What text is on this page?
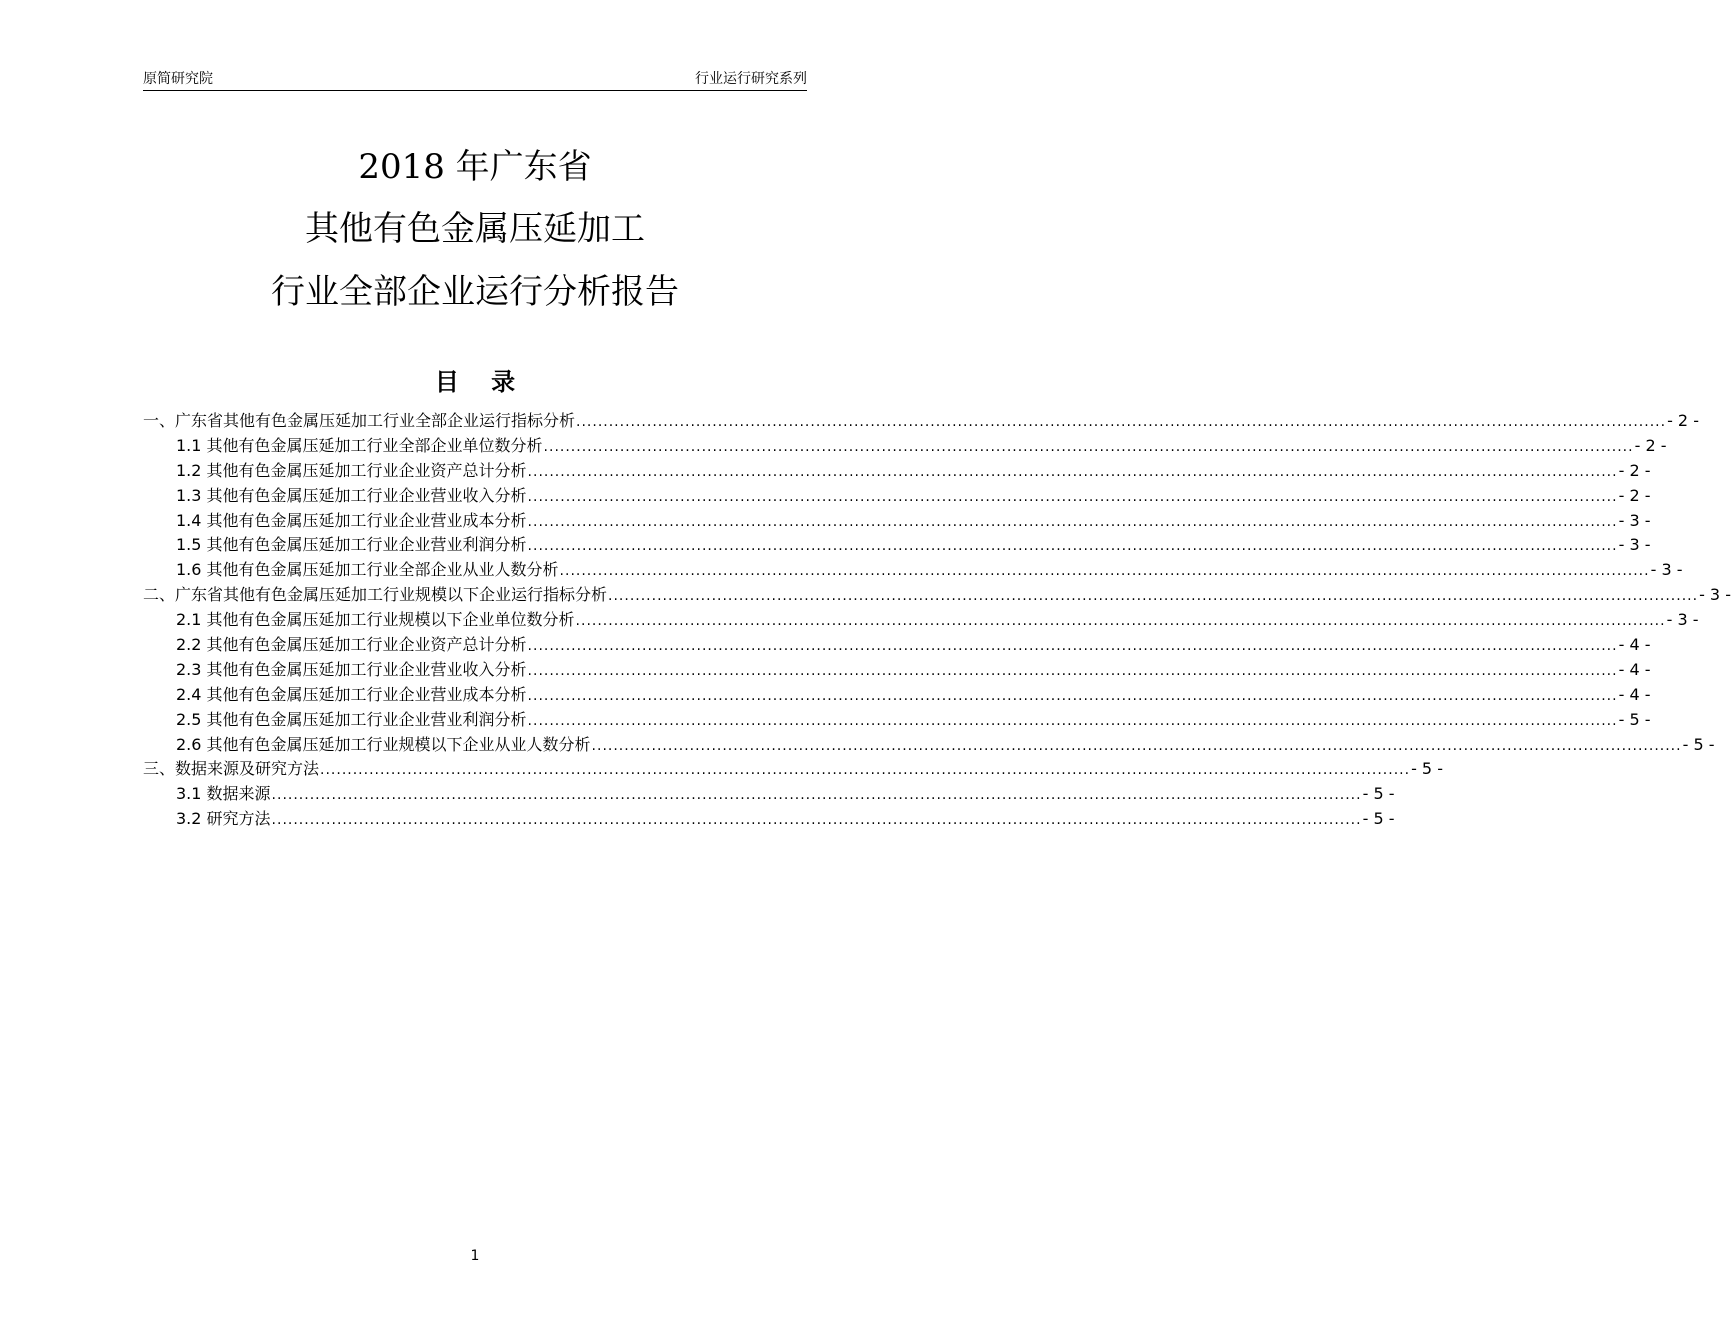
原简研究院	行业运行研究系列
2018 年广东省
其他有色金属压延加工
行业全部企业运行分析报告
目 录
一、广东省其他有色金属压延加工行业全部企业运行指标分析 ........................................................................................................................................................................................................ - 2 -
1.1 其他有色金属压延加工行业全部企业单位数分析 ........................................................................................................................................................................................................ - 2 -
1.2 其他有色金属压延加工行业企业资产总计分析 ........................................................................................................................................................................................................ - 2 -
1.3 其他有色金属压延加工行业企业营业收入分析 ........................................................................................................................................................................................................ - 2 -
1.4 其他有色金属压延加工行业企业营业成本分析 ........................................................................................................................................................................................................ - 3 -
1.5 其他有色金属压延加工行业企业营业利润分析 ........................................................................................................................................................................................................ - 3 -
1.6 其他有色金属压延加工行业全部企业从业人数分析 ........................................................................................................................................................................................................ - 3 -
二、广东省其他有色金属压延加工行业规模以下企业运行指标分析 ........................................................................................................................................................................................................ - 3 -
2.1 其他有色金属压延加工行业规模以下企业单位数分析 ........................................................................................................................................................................................................ - 3 -
2.2 其他有色金属压延加工行业企业资产总计分析 ........................................................................................................................................................................................................ - 4 -
2.3 其他有色金属压延加工行业企业营业收入分析 ........................................................................................................................................................................................................ - 4 -
2.4 其他有色金属压延加工行业企业营业成本分析 ........................................................................................................................................................................................................ - 4 -
2.5 其他有色金属压延加工行业企业营业利润分析 ........................................................................................................................................................................................................ - 5 -
2.6 其他有色金属压延加工行业规模以下企业从业人数分析 ........................................................................................................................................................................................................ - 5 -
三、数据来源及研究方法 ........................................................................................................................................................................................................ - 5 -
3.1 数据来源 ........................................................................................................................................................................................................ - 5 -
3.2 研究方法 ........................................................................................................................................................................................................ - 5 -
1
